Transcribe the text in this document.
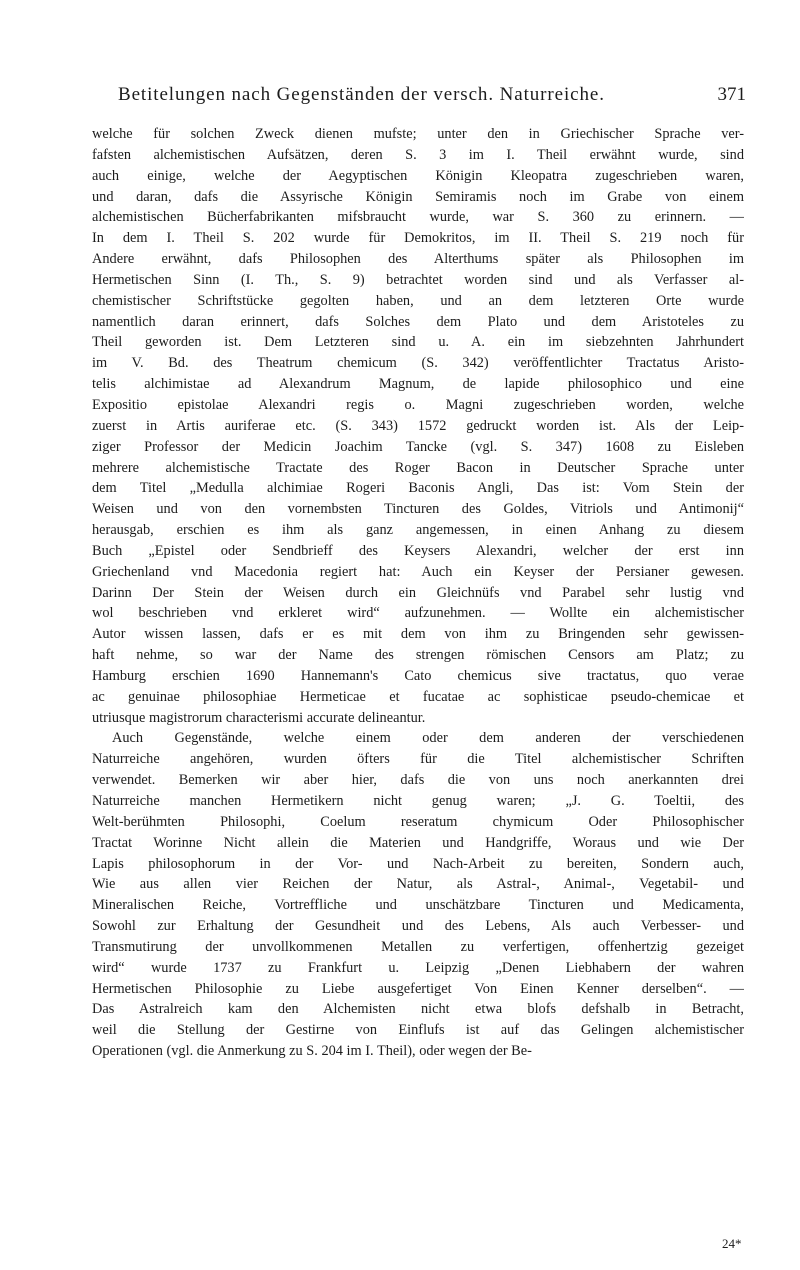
Betitelungen nach Gegenständen der versch. Naturreiche.	371
welche für solchen Zweck dienen mufste; unter den in Griechischer Sprache ver-
fafsten alchemistischen Aufsätzen, deren S. 3 im I. Theil erwähnt wurde, sind
auch einige, welche der Aegyptischen Königin Kleopatra zugeschrieben waren,
und daran, dafs die Assyrische Königin Semiramis noch im Grabe von einem
alchemistischen Bücherfabrikanten mifsbraucht wurde, war S. 360 zu erinnern. —
In dem I. Theil S. 202 wurde für Demokritos, im II. Theil S. 219 noch für
Andere erwähnt, dafs Philosophen des Alterthums später als Philosophen im
Hermetischen Sinn (I. Th., S. 9) betrachtet worden sind und als Verfasser al-
chemistischer Schriftstücke gegolten haben, und an dem letzteren Orte wurde
namentlich daran erinnert, dafs Solches dem Plato und dem Aristoteles zu
Theil geworden ist. Dem Letzteren sind u. A. ein im siebzehnten Jahrhundert
im V. Bd. des Theatrum chemicum (S. 342) veröffentlichter Tractatus Aristo-
telis alchimistae ad Alexandrum Magnum, de lapide philosophico und eine
Expositio epistolae Alexandri regis o. Magni zugeschrieben worden, welche
zuerst in Artis auriferae etc. (S. 343) 1572 gedruckt worden ist. Als der Leip-
ziger Professor der Medicin Joachim Tancke (vgl. S. 347) 1608 zu Eisleben
mehrere alchemistische Tractate des Roger Bacon in Deutscher Sprache unter
dem Titel „Medulla alchimiae Rogeri Baconis Angli, Das ist: Vom Stein der
Weisen und von den vornembsten Tincturen des Goldes, Vitriols und Antimonij“
herausgab, erschien es ihm als ganz angemessen, in einen Anhang zu diesem
Buch „Epistel oder Sendbrieff des Keysers Alexandri, welcher der erst inn
Griechenland vnd Macedonia regiert hat: Auch ein Keyser der Persianer gewesen.
Darinn Der Stein der Weisen durch ein Gleichnüfs vnd Parabel sehr lustig vnd
wol beschrieben vnd erkleret wird“ aufzunehmen. — Wollte ein alchemistischer
Autor wissen lassen, dafs er es mit dem von ihm zu Bringenden sehr gewissen-
haft nehme, so war der Name des strengen römischen Censors am Platz; zu
Hamburg erschien 1690 Hannemann's Cato chemicus sive tractatus, quo verae
ac genuinae philosophiae Hermeticae et fucatae ac sophisticae pseudo-chemicae et
utriusque magistrorum characterismi accurate delineantur.
Auch Gegenstände, welche einem oder dem anderen der verschiedenen
Naturreiche angehören, wurden öfters für die Titel alchemistischer Schriften
verwendet. Bemerken wir aber hier, dafs die von uns noch anerkannten drei
Naturreiche manchen Hermetikern nicht genug waren; „J. G. Toeltii, des
Welt-berühmten Philosophi, Coelum reseratum chymicum Oder Philosophischer
Tractat Worinne Nicht allein die Materien und Handgriffe, Woraus und wie Der
Lapis philosophorum in der Vor- und Nach-Arbeit zu bereiten, Sondern auch,
Wie aus allen vier Reichen der Natur, als Astral-, Animal-, Vegetabil- und
Mineralischen Reiche, Vortreffliche und unschätzbare Tincturen und Medicamenta,
Sowohl zur Erhaltung der Gesundheit und des Lebens, Als auch Verbesser- und
Transmutirung der unvollkommenen Metallen zu verfertigen, offenhertzig gezeiget
wird“ wurde 1737 zu Frankfurt u. Leipzig „Denen Liebhabern der wahren
Hermetischen Philosophie zu Liebe ausgefertiget Von Einen Kenner derselben“. —
Das Astralreich kam den Alchemisten nicht etwa blofs defshalb in Betracht,
weil die Stellung der Gestirne von Einflufs ist auf das Gelingen alchemistischer
Operationen (vgl. die Anmerkung zu S. 204 im I. Theil), oder wegen der Be-
24*
